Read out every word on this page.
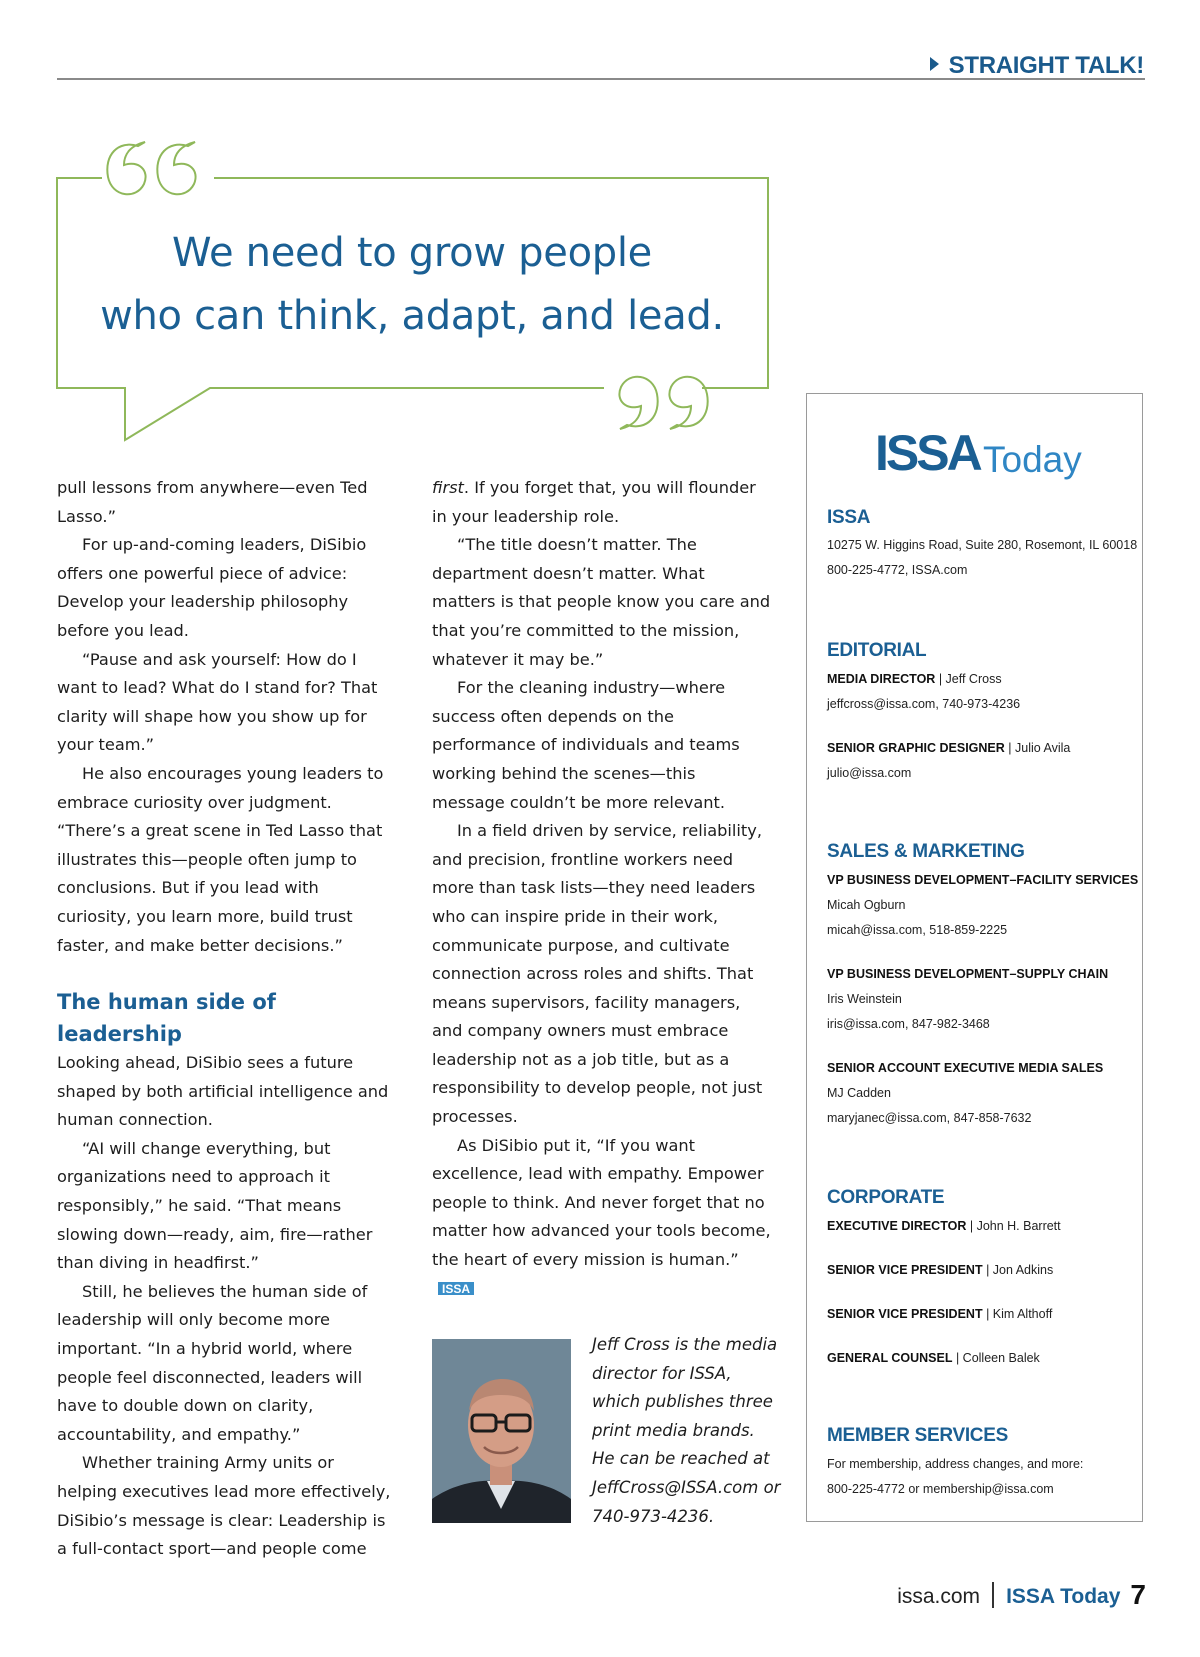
STRAIGHT TALK!
We need to grow people
who can think, adapt, and lead.

pull lessons from anywhere—even Ted Lasso.”

For up-and-coming leaders, DiSibio offers one powerful piece of advice: Develop your leadership philosophy before you lead.

“Pause and ask yourself: How do I want to lead? What do I stand for? That clarity will shape how you show up for your team.”

He also encourages young leaders to embrace curiosity over judgment. “There’s a great scene in Ted Lasso that illustrates this—people often jump to conclusions. But if you lead with curiosity, you learn more, build trust faster, and make better decisions.”

The human side of leadership

Looking ahead, DiSibio sees a future shaped by both artificial intelligence and human connection.

“AI will change everything, but organizations need to approach it responsibly,” he said. “That means slowing down—ready, aim, fire—rather than diving in headfirst.”

Still, he believes the human side of leadership will only become more important. “In a hybrid world, where people feel disconnected, leaders will have to double down on clarity, accountability, and empathy.”

Whether training Army units or helping executives lead more effectively, DiSibio’s message is clear: Leadership is a full-contact sport—and people come

first. If you forget that, you will flounder in your leadership role.

“The title doesn’t matter. The department doesn’t matter. What matters is that people know you care and that you’re committed to the mission, whatever it may be.”

For the cleaning industry—where success often depends on the performance of individuals and teams working behind the scenes—this message couldn’t be more relevant.

In a field driven by service, reliability, and precision, frontline workers need more than task lists—they need leaders who can inspire pride in their work, communicate purpose, and cultivate connection across roles and shifts. That means supervisors, facility managers, and company owners must embrace leadership not as a job title, but as a responsibility to develop people, not just processes.

As DiSibio put it, “If you want excellence, lead with empathy. Empower people to think. And never forget that no matter how advanced your tools become, the heart of every mission is human.”
ISSA

Jeff Cross is the media director for ISSA, which publishes three print media brands. He can be reached at JeffCross@ISSA.com or 740-973-4236.
ISSA Today
ISSA
10275 W. Higgins Road, Suite 280, Rosemont, IL 60018
800-225-4772, ISSA.com
EDITORIAL
MEDIA DIRECTOR | Jeff Cross
jeffcross@issa.com, 740-973-4236
SENIOR GRAPHIC DESIGNER | Julio Avila
julio@issa.com
SALES & MARKETING
VP BUSINESS DEVELOPMENT–FACILITY SERVICES
Micah Ogburn
micah@issa.com, 518-859-2225
VP BUSINESS DEVELOPMENT–SUPPLY CHAIN
Iris Weinstein
iris@issa.com, 847-982-3468
SENIOR ACCOUNT EXECUTIVE MEDIA SALES
MJ Cadden
maryjanec@issa.com, 847-858-7632
CORPORATE
EXECUTIVE DIRECTOR | John H. Barrett
SENIOR VICE PRESIDENT | Jon Adkins
SENIOR VICE PRESIDENT | Kim Althoff
GENERAL COUNSEL | Colleen Balek
MEMBER SERVICES
For membership, address changes, and more:
800-225-4772 or membership@issa.com
issa.com ISSA Today 7
